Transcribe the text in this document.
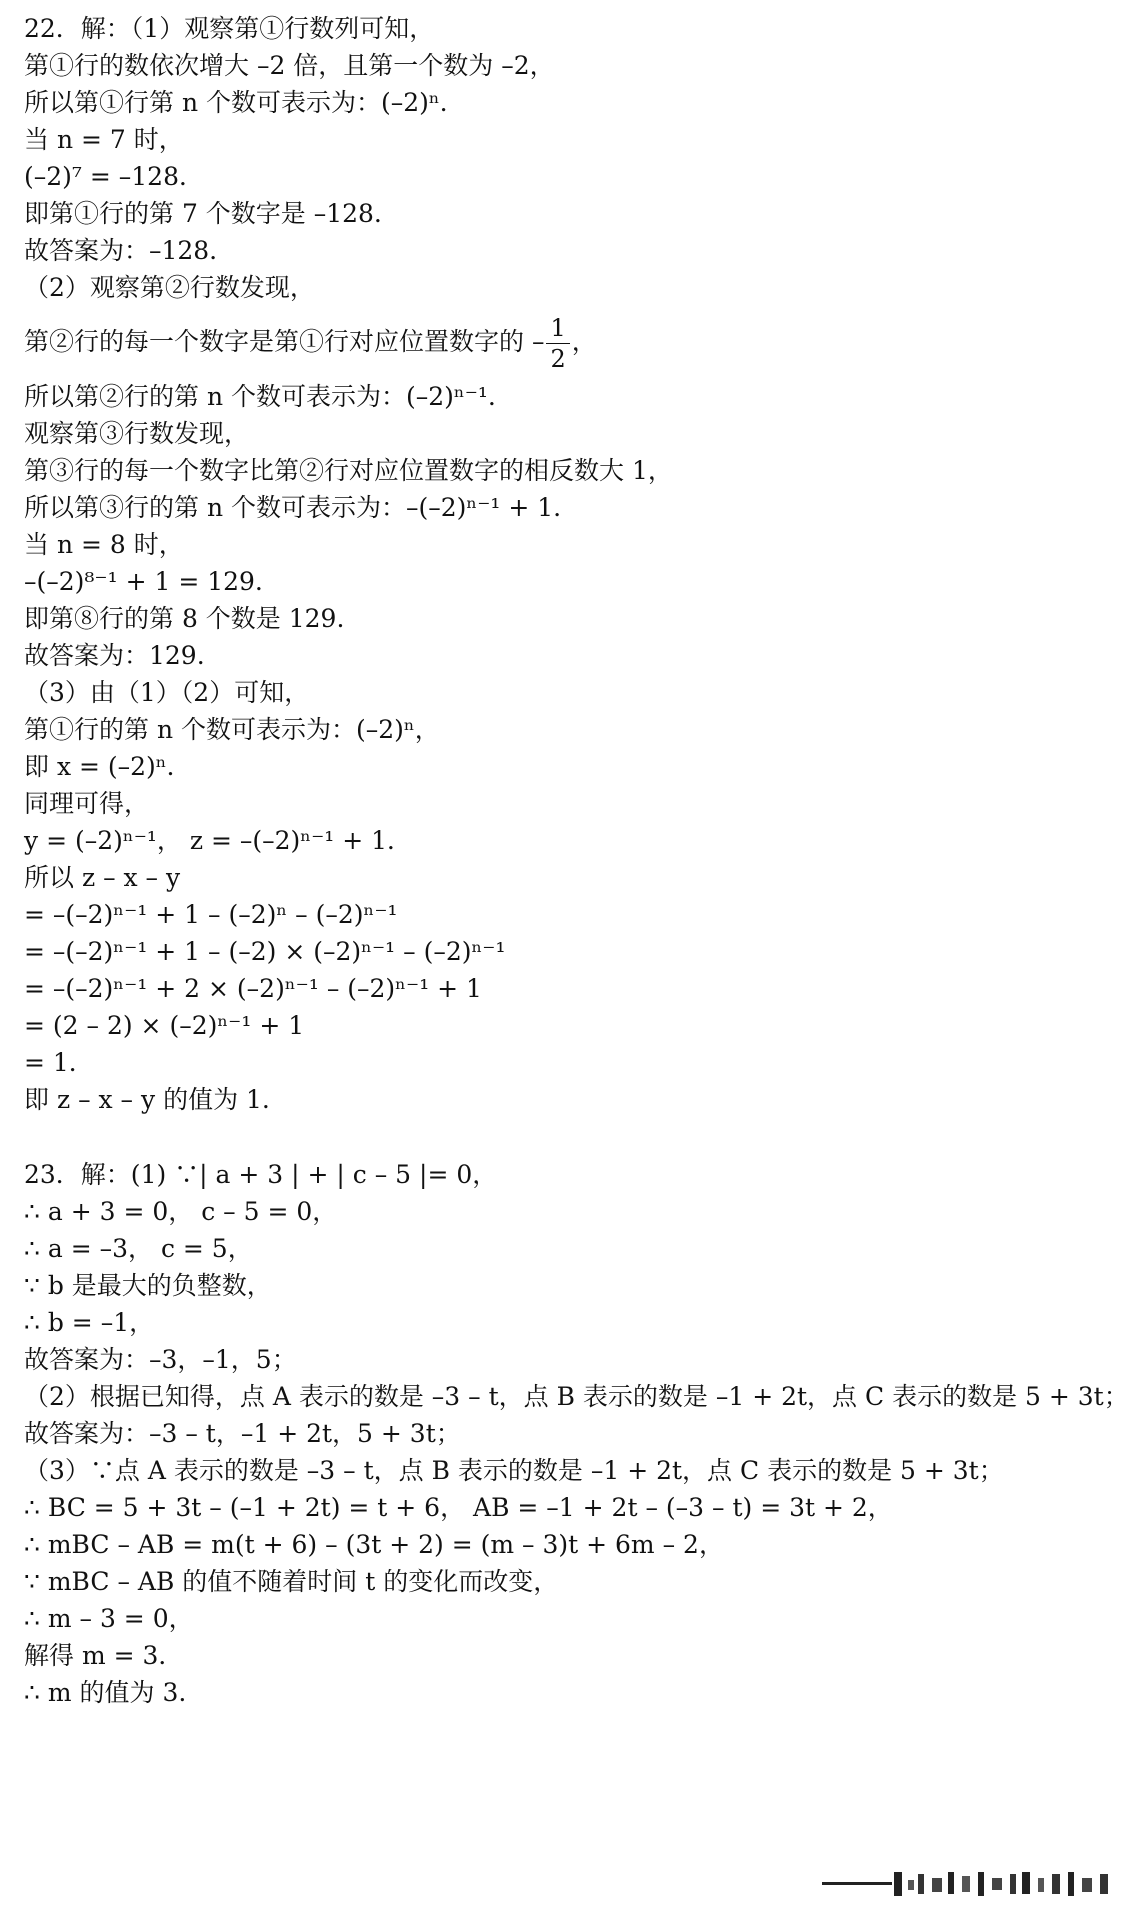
22．解：（1）观察第①行数列可知，
第①行的数依次增大 –2 倍，且第一个数为 –2，
所以第①行第 n 个数可表示为：(–2)ⁿ．
当 n = 7 时，
(–2)⁷ = –128．
即第①行的第 7 个数字是 –128．
故答案为：–128．
（2）观察第②行数发现，
第②行的每一个数字是第①行对应位置数字的 – $\frac{1}{2}$ ，
所以第②行的第 n 个数可表示为：(–2)ⁿ⁻¹．
观察第③行数发现，
第③行的每一个数字比第②行对应位置数字的相反数大 1，
所以第③行的第 n 个数可表示为：–(–2)ⁿ⁻¹ + 1．
当 n = 8 时，
–(–2)⁸⁻¹ + 1 = 129．
即第⑧行的第 8 个数是 129.
故答案为：129.
（3）由（1）（2）可知，
第①行的第 n 个数可表示为：(–2)ⁿ，
即 x = (–2)ⁿ．
同理可得，
y = (–2)ⁿ⁻¹， z = –(–2)ⁿ⁻¹ + 1．
所以 z – x – y
= –(–2)ⁿ⁻¹ + 1 – (–2)ⁿ – (–2)ⁿ⁻¹
= –(–2)ⁿ⁻¹ + 1 – (–2) × (–2)ⁿ⁻¹ – (–2)ⁿ⁻¹
= –(–2)ⁿ⁻¹ + 2 × (–2)ⁿ⁻¹ – (–2)ⁿ⁻¹ + 1
= (2 – 2) × (–2)ⁿ⁻¹ + 1
= 1．
即 z – x – y 的值为 1.
23．解：(1) ∵| a + 3 | + | c – 5 |= 0，
∴ a + 3 = 0， c – 5 = 0，
∴ a = –3， c = 5，
∵ b 是最大的负整数，
∴ b = –1，
故答案为：–3，–1，5；
（2）根据已知得，点 A 表示的数是 –3 – t，点 B 表示的数是 –1 + 2t，点 C 表示的数是 5 + 3t；
故答案为：–3 – t，–1 + 2t，5 + 3t；
（3）∵点 A 表示的数是 –3 – t，点 B 表示的数是 –1 + 2t，点 C 表示的数是 5 + 3t；
∴ BC = 5 + 3t – (–1 + 2t) = t + 6， AB = –1 + 2t – (–3 – t) = 3t + 2，
∴ mBC – AB = m(t + 6) – (3t + 2) = (m – 3)t + 6m – 2，
∵ mBC – AB 的值不随着时间 t 的变化而改变，
∴ m – 3 = 0，
解得 m = 3．
∴ m 的值为 3.
